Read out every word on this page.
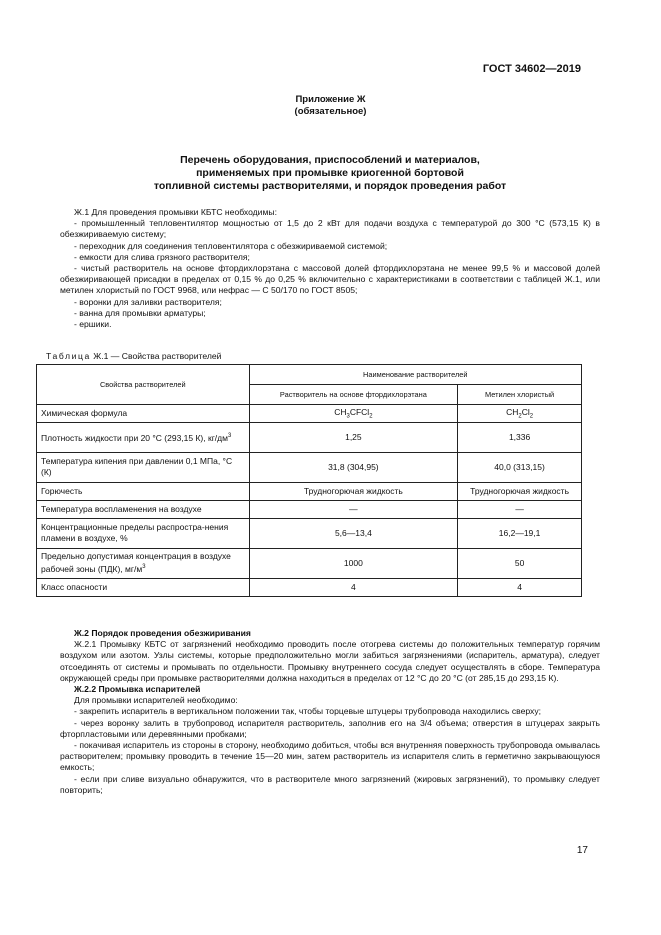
ГОСТ 34602—2019
Приложение Ж
(обязательное)
Перечень оборудования, приспособлений и материалов,
применяемых при промывке криогенной бортовой
топливной системы растворителями, и порядок проведения работ
Ж.1 Для проведения промывки КБТС необходимы:
- промышленный тепловентилятор мощностью от 1,5 до 2 кВт для подачи воздуха с температурой до 300 °C (573,15 К) в обезжириваемую систему;
- переходник для соединения тепловентилятора с обезжириваемой системой;
- емкости для слива грязного растворителя;
- чистый растворитель на основе фтордихлорэтана с массовой долей фтордихлорэтана не менее 99,5 % и массовой долей обезжиривающей присадки в пределах от 0,15 % до 0,25 % включительно с характеристиками в соответствии с таблицей Ж.1, или метилен хлористый по ГОСТ 9968, или нефрас — С 50/170 по ГОСТ 8505;
- воронки для заливки растворителя;
- ванна для промывки арматуры;
- ершики.
Таблица Ж.1 — Свойства растворителей
Свойства растворителей	Наименование растворителей	
	Растворитель на основе фтордихлорэтана	Метилен хлористый
Химическая формула	$CH_3CFCl_2$	$CH_2Cl_2$
Плотность жидкости при 20 °C (293,15 К), $кг/дм^3$	1,25	1,336
Температура кипения при давлении 0,1 МПа, °C (К)	31,8 (304,95)	40,0 (313,15)
Горючесть	Трудногорючая жидкость	Трудногорючая жидкость
Температура воспламенения на воздухе	—	—
Концентрационные пределы распростра-нения пламени в воздухе, %	5,6—13,4	16,2—19,1
Предельно допустимая концентрация в воздухе рабочей зоны (ПДК), $мг/м^3$	1000	50
Класс опасности	4	4
Ж.2 Порядок проведения обезжиривания
Ж.2.1 Промывку КБТС от загрязнений необходимо проводить после отогрева системы до положительных температур горячим воздухом или азотом. Узлы системы, которые предположительно могли забиться загрязнениями (испаритель, арматура), следует отсоединять от системы и промывать по отдельности. Промывку внутреннего сосуда следует осуществлять в сборе. Температура окружающей среды при промывке растворителями должна находиться в пределах от 12 °C до 20 °C (от 285,15 до 293,15 К).
Ж.2.2 Промывка испарителей
Для промывки испарителей необходимо:
- закрепить испаритель в вертикальном положении так, чтобы торцевые штуцеры трубопровода находились сверху;
- через воронку залить в трубопровод испарителя растворитель, заполнив его на 3/4 объема; отверстия в штуцерах закрыть фторпластовыми или деревянными пробками;
- покачивая испаритель из стороны в сторону, необходимо добиться, чтобы вся внутренняя поверхность трубопровода омывалась растворителем; промывку проводить в течение 15—20 мин, затем растворитель из испарителя слить в герметично закрывающуюся емкость;
- если при сливе визуально обнаружится, что в растворителе много загрязнений (жировых загрязнений), то промывку следует повторить;
17
